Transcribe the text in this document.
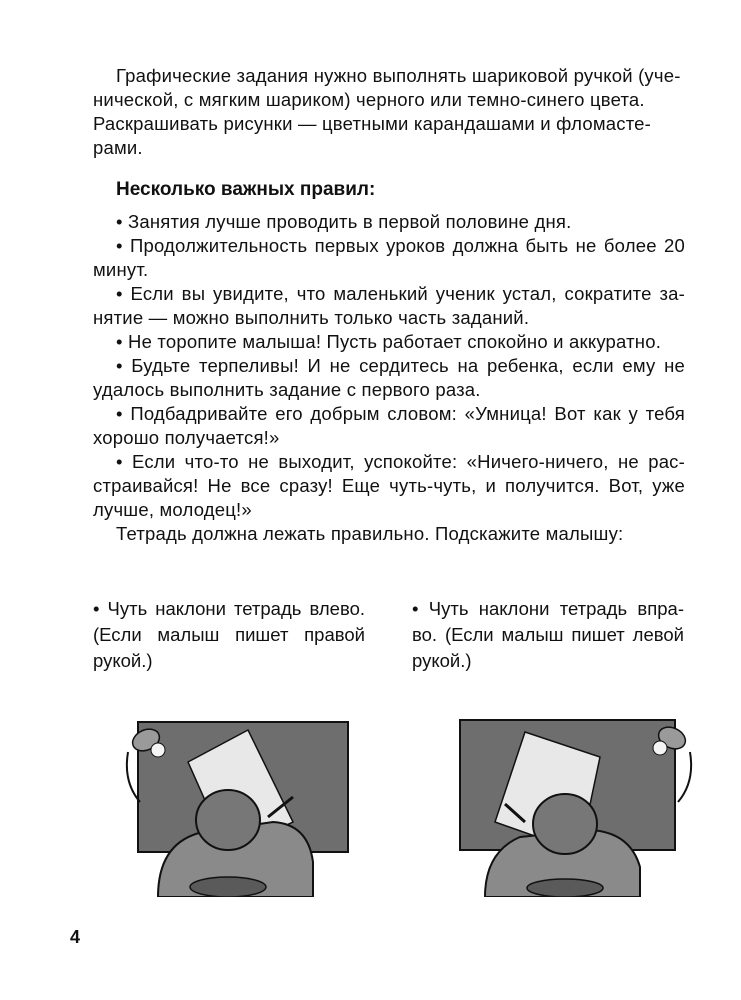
Графические задания нужно выполнять шариковой ручкой (уче-
нической, с мягким шариком) черного или темно-синего цвета.
Раскрашивать рисунки — цветными карандашами и фломасте-
рами.
Несколько важных правил:

• Занятия лучше проводить в первой половине дня.

• Продолжительность первых уроков должна быть не более 20 минут.

• Если вы увидите, что маленький ученик устал, сократите за-нятие — можно выполнить только часть заданий.

• Не торопите малыша! Пусть работает спокойно и аккуратно.

• Будьте терпеливы! И не сердитесь на ребенка, если ему не удалось выполнить задание с первого раза.

• Подбадривайте его добрым словом: «Умница! Вот как у тебя хорошо получается!»

• Если что-то не выходит, успокойте: «Ничего-ничего, не рас-страивайся! Не все сразу! Еще чуть-чуть, и получится. Вот, уже лучше, молодец!»

Тетрадь должна лежать правильно. Подскажите малышу:

• Чуть наклони тетрадь влево. (Если малыш пишет правой рукой.)
• Чуть наклони тетрадь впра-во. (Если малыш пишет левой рукой.)
4
